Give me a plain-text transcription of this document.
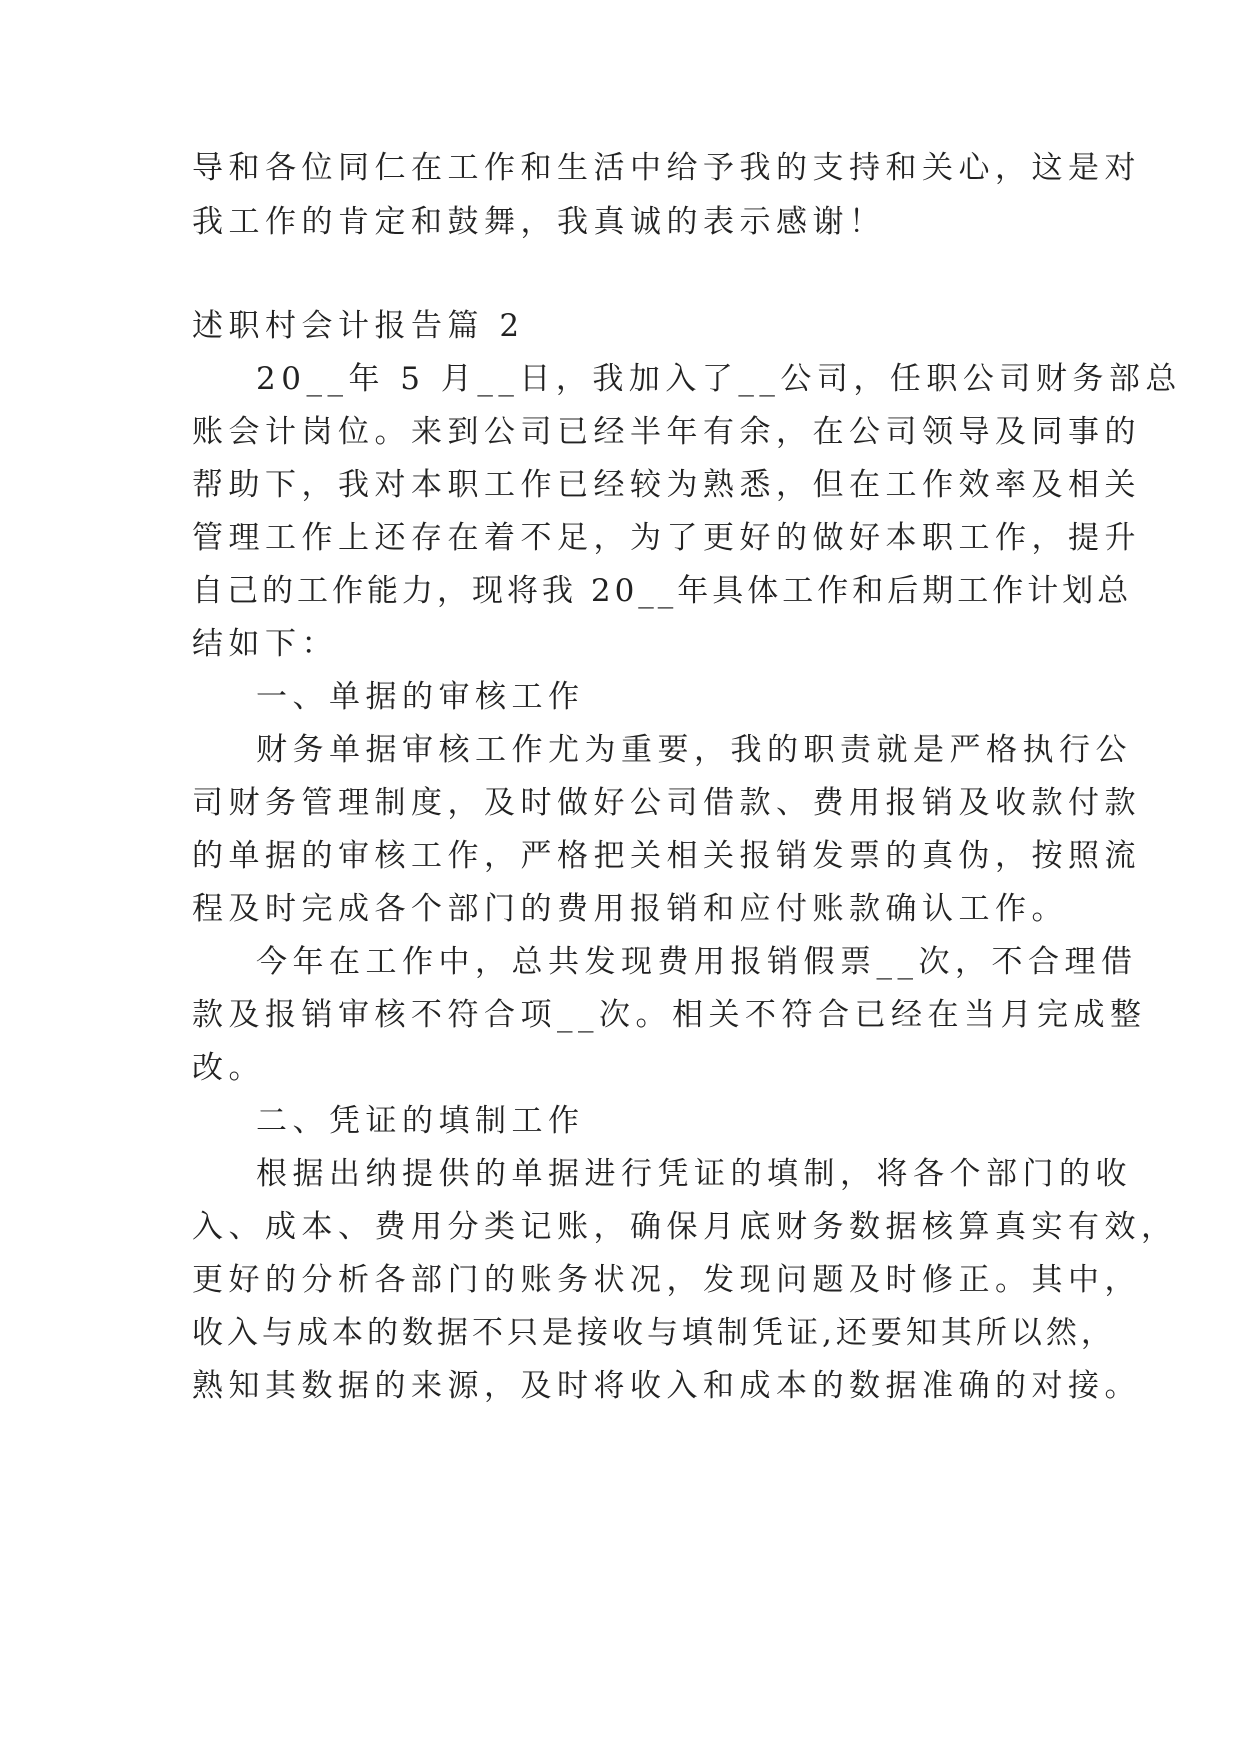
导和各位同仁在工作和生活中给予我的支持和关心，这是对
我工作的肯定和鼓舞，我真诚的表示感谢！
述职村会计报告篇 2
20__年 5 月__日，我加入了__公司，任职公司财务部总
账会计岗位。来到公司已经半年有余，在公司领导及同事的
帮助下，我对本职工作已经较为熟悉，但在工作效率及相关
管理工作上还存在着不足，为了更好的做好本职工作，提升
自己的工作能力，现将我 20__年具体工作和后期工作计划总
结如下：
一、单据的审核工作
财务单据审核工作尤为重要，我的职责就是严格执行公
司财务管理制度，及时做好公司借款、费用报销及收款付款
的单据的审核工作，严格把关相关报销发票的真伪，按照流
程及时完成各个部门的费用报销和应付账款确认工作。
今年在工作中，总共发现费用报销假票__次，不合理借
款及报销审核不符合项__次。相关不符合已经在当月完成整
改。
二、凭证的填制工作
根据出纳提供的单据进行凭证的填制，将各个部门的收
入、成本、费用分类记账，确保月底财务数据核算真实有效，
更好的分析各部门的账务状况，发现问题及时修正。其中，
收入与成本的数据不只是接收与填制凭证,还要知其所以然，
熟知其数据的来源，及时将收入和成本的数据准确的对接。
